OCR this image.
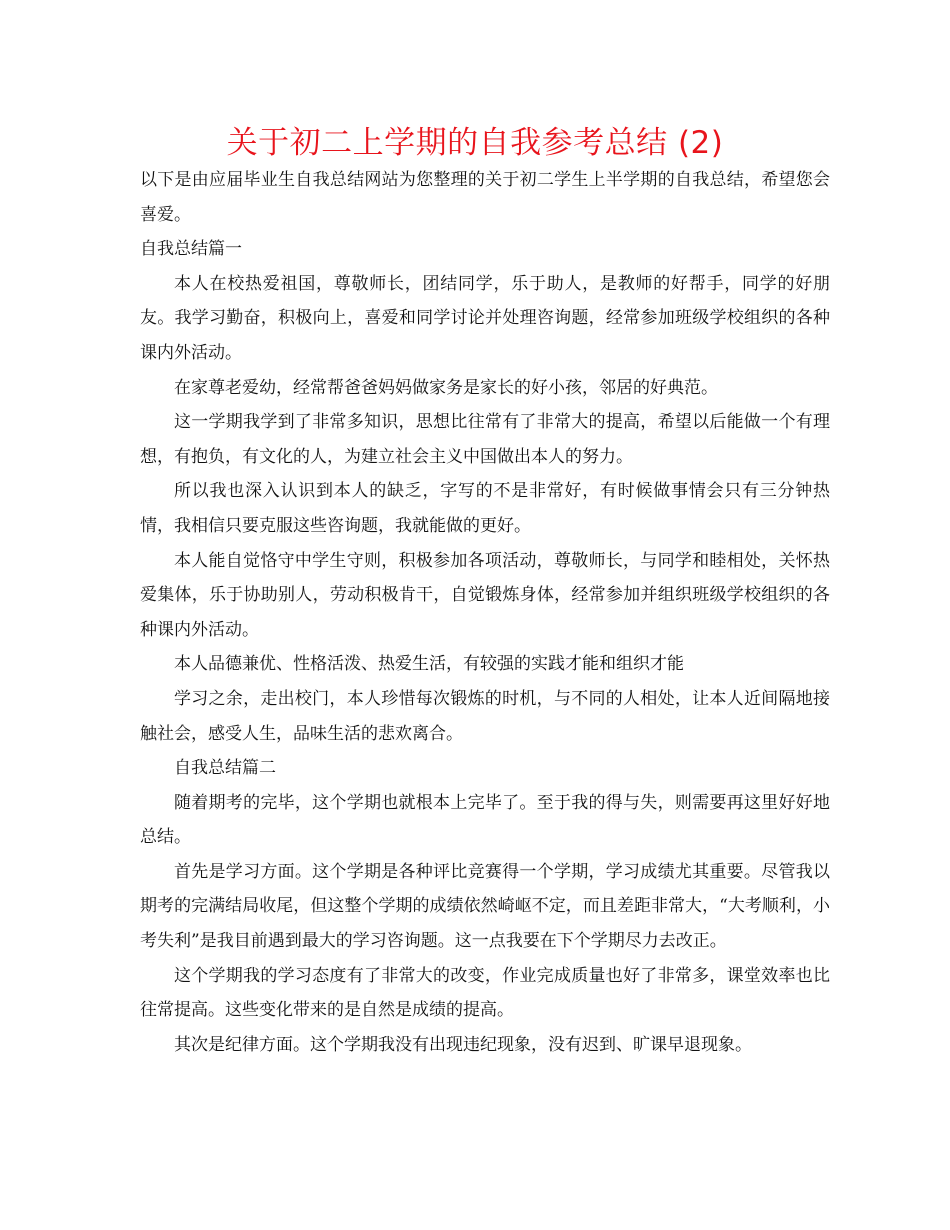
关于初二上学期的自我参考总结 (2)

以下是由应届毕业生自我总结网站为您整理的关于初二学生上半学期的自我总结，希望您会喜爱。

自我总结篇一

本人在校热爱祖国，尊敬师长，团结同学，乐于助人，是教师的好帮手，同学的好朋友。我学习勤奋，积极向上，喜爱和同学讨论并处理咨询题，经常参加班级学校组织的各种课内外活动。

在家尊老爱幼，经常帮爸爸妈妈做家务是家长的好小孩，邻居的好典范。

这一学期我学到了非常多知识，思想比往常有了非常大的提高，希望以后能做一个有理想，有抱负，有文化的人，为建立社会主义中国做出本人的努力。

所以我也深入认识到本人的缺乏，字写的不是非常好，有时候做事情会只有三分钟热情，我相信只要克服这些咨询题，我就能做的更好。

本人能自觉恪守中学生守则，积极参加各项活动，尊敬师长，与同学和睦相处，关怀热爱集体，乐于协助别人，劳动积极肯干，自觉锻炼身体，经常参加并组织班级学校组织的各种课内外活动。

本人品德兼优、性格活泼、热爱生活，有较强的实践才能和组织才能

学习之余，走出校门，本人珍惜每次锻炼的时机，与不同的人相处，让本人近间隔地接触社会，感受人生，品味生活的悲欢离合。

自我总结篇二

随着期考的完毕，这个学期也就根本上完毕了。至于我的得与失，则需要再这里好好地总结。

首先是学习方面。这个学期是各种评比竞赛得一个学期，学习成绩尤其重要。尽管我以期考的完满结局收尾，但这整个学期的成绩依然崎岖不定，而且差距非常大，“大考顺利，小考失利”是我目前遇到最大的学习咨询题。这一点我要在下个学期尽力去改正。

这个学期我的学习态度有了非常大的改变，作业完成质量也好了非常多，课堂效率也比往常提高。这些变化带来的是自然是成绩的提高。

其次是纪律方面。这个学期我没有出现违纪现象，没有迟到、旷课早退现象。
